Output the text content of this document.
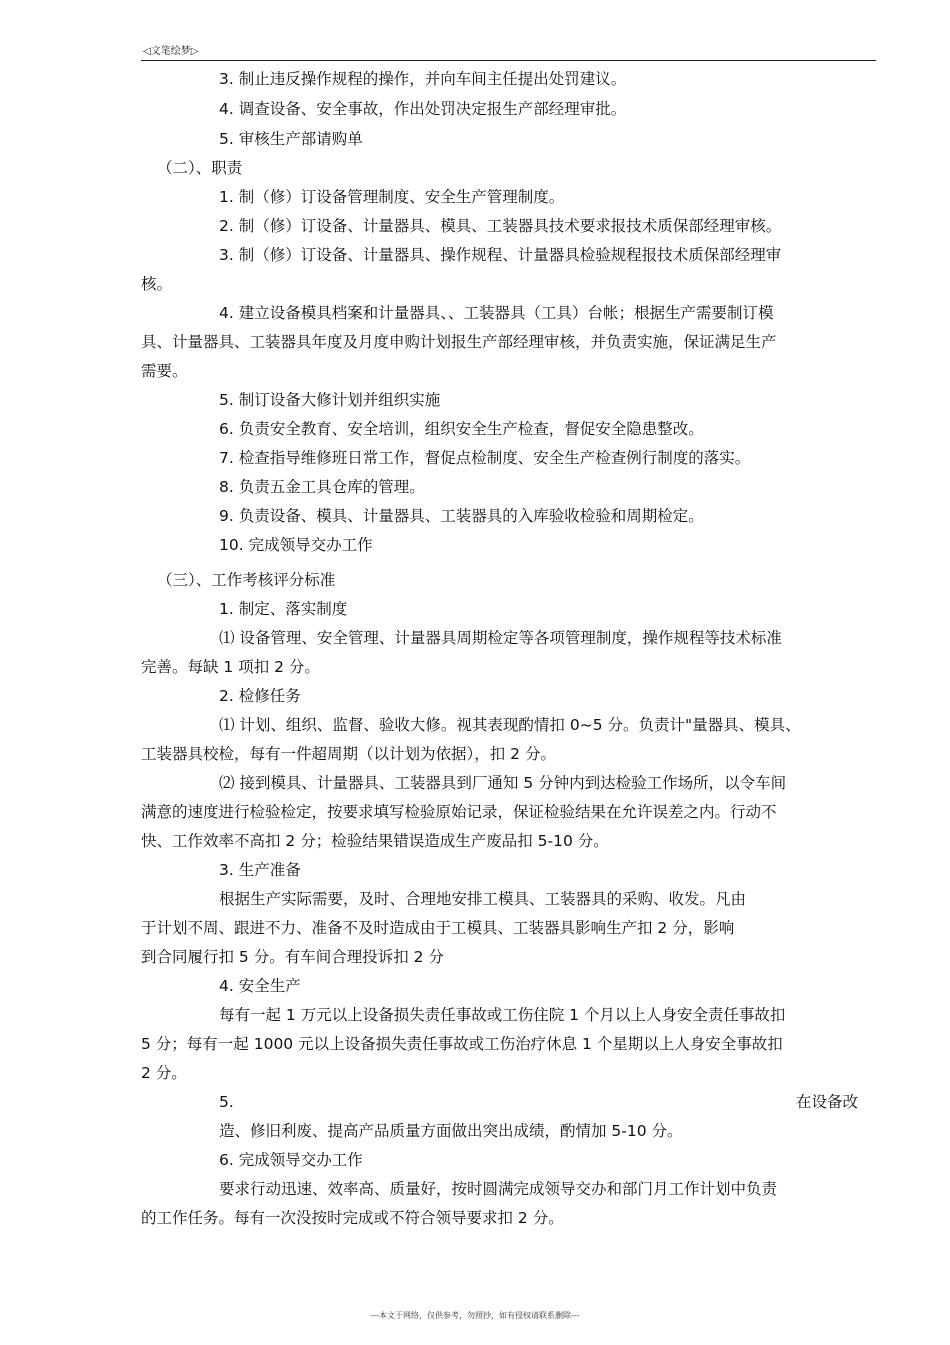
◁文笔绘梦▷
3. 制止违反操作规程的操作，并向车间主任提出处罚建议。
4. 调查设备、安全事故，作出处罚决定报生产部经理审批。
5. 审核生产部请购单
（二）、职责
1. 制（修）订设备管理制度、安全生产管理制度。
2. 制（修）订设备、计量器具、模具、工装器具技术要求报技术质保部经理审核。
3. 制（修）订设备、计量器具、操作规程、计量器具检验规程报技术质保部经理审
核。
4. 建立设备模具档案和计量器具、、工装器具（工具）台帐；根据生产需要制订模
具、计量器具、工装器具年度及月度申购计划报生产部经理审核，并负责实施，保证满足生产
需要。
5. 制订设备大修计划并组织实施
6. 负责安全教育、安全培训，组织安全生产检查，督促安全隐患整改。
7. 检查指导维修班日常工作，督促点检制度、安全生产检查例行制度的落实。
8. 负责五金工具仓库的管理。
9. 负责设备、模具、计量器具、工装器具的入库验收检验和周期检定。
10. 完成领导交办工作
（三）、工作考核评分标准
1. 制定、落实制度
⑴ 设备管理、安全管理、计量器具周期检定等各项管理制度，操作规程等技术标准
完善。每缺 1 项扣 2 分。
2. 检修任务
⑴ 计划、组织、监督、验收大修。视其表现酌情扣 0~5 分。负责计"量器具、模具、
工装器具校检，每有一件超周期（以计划为依据），扣 2 分。
⑵ 接到模具、计量器具、工装器具到厂通知 5 分钟内到达检验工作场所，以令车间
满意的速度进行检验检定，按要求填写检验原始记录，保证检验结果在允许误差之内。行动不
快、工作效率不高扣 2 分；检验结果错误造成生产废品扣 5-10 分。
3. 生产准备
根据生产实际需要，及时、合理地安排工模具、工装器具的采购、收发。凡由
于计划不周、跟进不力、准备不及时造成由于工模具、工装器具影响生产扣 2 分，影响
到合同履行扣 5 分。有车间合理投诉扣 2 分
4. 安全生产
每有一起 1 万元以上设备损失责任事故或工伤住院 1 个月以上人身安全责任事故扣
5 分；每有一起 1000 元以上设备损失责任事故或工伤治疗休息 1 个星期以上人身安全事故扣
2 分。
5.	在设备改
造、修旧利废、提高产品质量方面做出突出成绩，酌情加 5-10 分。
6. 完成领导交办工作
要求行动迅速、效率高、质量好，按时圆满完成领导交办和部门月工作计划中负责
的工作任务。每有一次没按时完成或不符合领导要求扣 2 分。
---本文于网络，仅供参考，勿照抄，如有侵权请联系删除---
